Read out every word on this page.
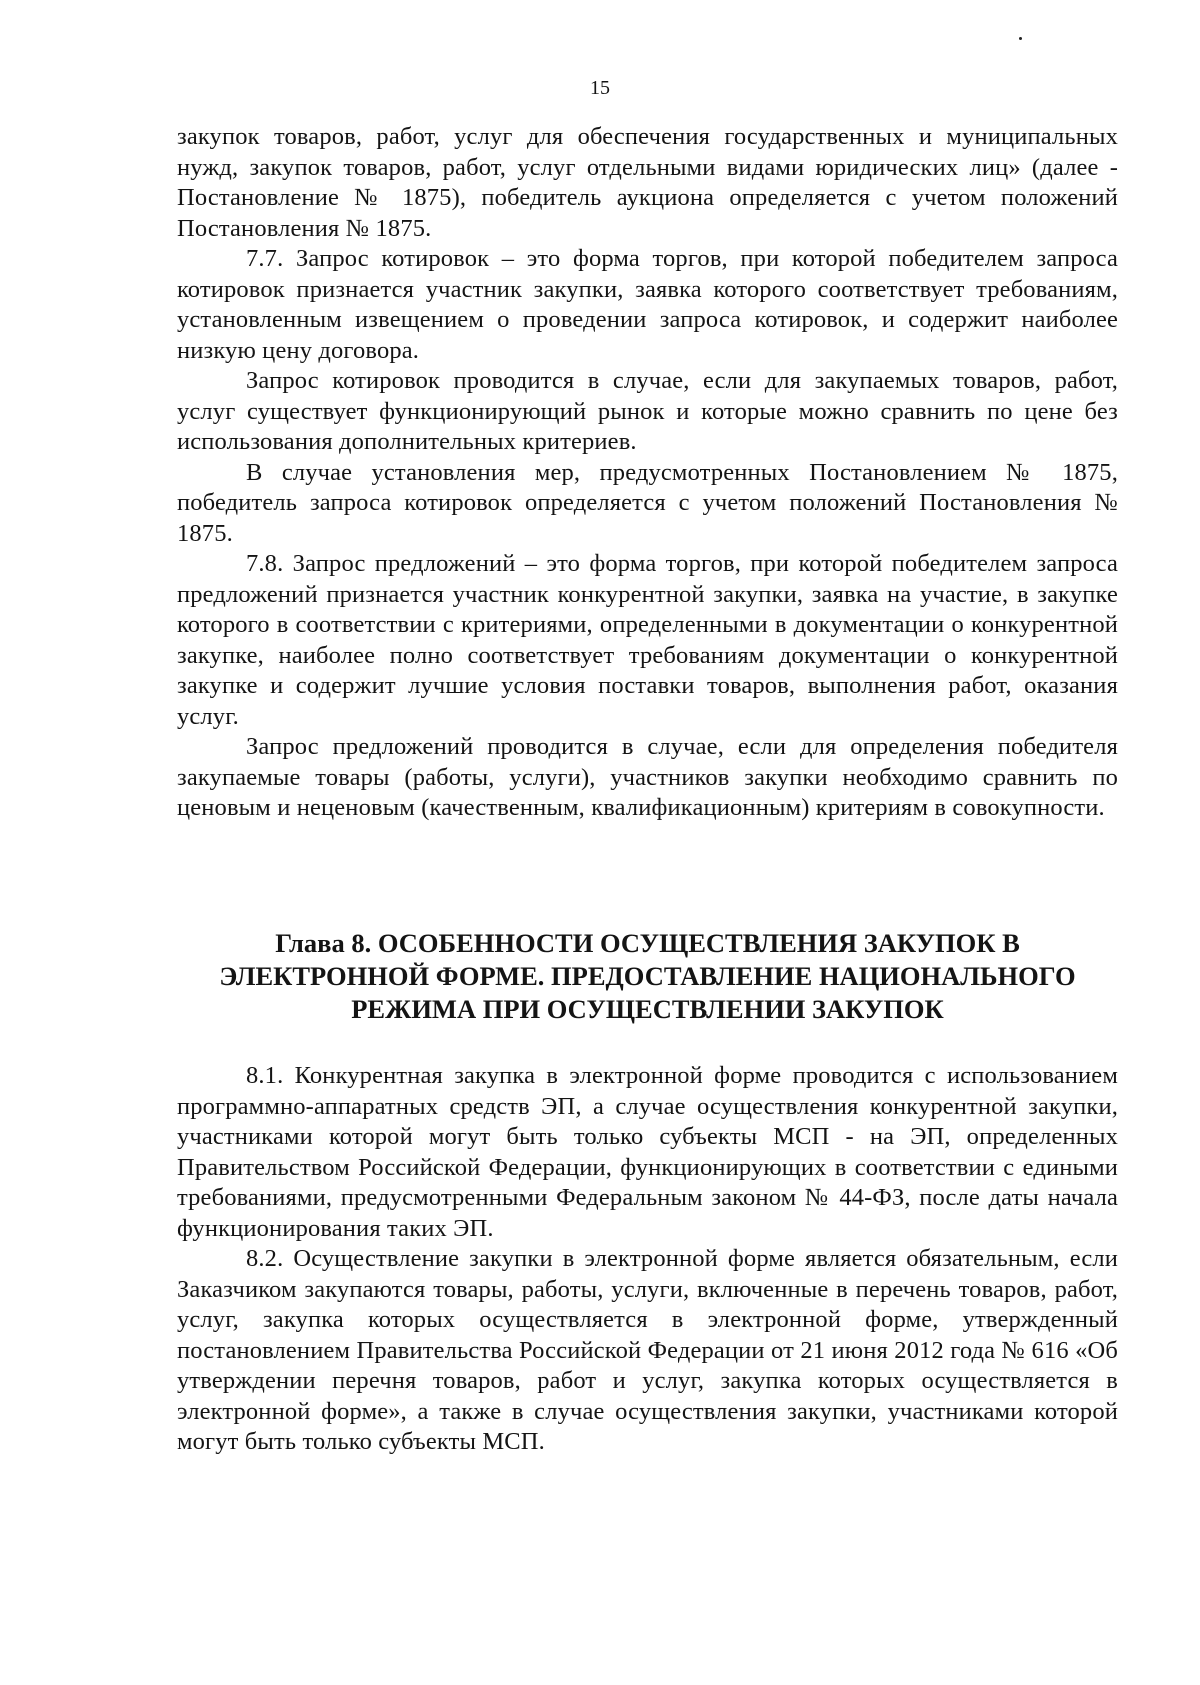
15

закупок товаров, работ, услуг для обеспечения государственных и муниципальных нужд, закупок товаров, работ, услуг отдельными видами юридических лиц» (далее - Постановление № 1875), победитель аукциона определяется с учетом положений Постановления № 1875.

7.7. Запрос котировок – это форма торгов, при которой победителем запроса котировок признается участник закупки, заявка которого соответствует требованиям, установленным извещением о проведении запроса котировок, и содержит наиболее низкую цену договора.

Запрос котировок проводится в случае, если для закупаемых товаров, работ, услуг существует функционирующий рынок и которые можно сравнить по цене без использования дополнительных критериев.

В случае установления мер, предусмотренных Постановлением № 1875, победитель запроса котировок определяется с учетом положений Постановления № 1875.

7.8. Запрос предложений – это форма торгов, при которой победителем запроса предложений признается участник конкурентной закупки, заявка на участие, в закупке которого в соответствии с критериями, определенными в документации о конкурентной закупке, наиболее полно соответствует требованиям документации о конкурентной закупке и содержит лучшие условия поставки товаров, выполнения работ, оказания услуг.

Запрос предложений проводится в случае, если для определения победителя закупаемые товары (работы, услуги), участников закупки необходимо сравнить по ценовым и неценовым (качественным, квалификационным) критериям в совокупности.

Глава 8. ОСОБЕННОСТИ ОСУЩЕСТВЛЕНИЯ ЗАКУПОК В
ЭЛЕКТРОННОЙ ФОРМЕ. ПРЕДОСТАВЛЕНИЕ НАЦИОНАЛЬНОГО
РЕЖИМА ПРИ ОСУЩЕСТВЛЕНИИ ЗАКУПОК

8.1. Конкурентная закупка в электронной форме проводится с использованием программно-аппаратных средств ЭП, а случае осуществления конкурентной закупки, участниками которой могут быть только субъекты МСП - на ЭП, определенных Правительством Российской Федерации, функционирующих в соответствии с едиными требованиями, предусмотренными Федеральным законом № 44-ФЗ, после даты начала функционирования таких ЭП.

8.2. Осуществление закупки в электронной форме является обязательным, если Заказчиком закупаются товары, работы, услуги, включенные в перечень товаров, работ, услуг, закупка которых осуществляется в электронной форме, утвержденный постановлением Правительства Российской Федерации от 21 июня 2012 года № 616 «Об утверждении перечня товаров, работ и услуг, закупка которых осуществляется в электронной форме», а также в случае осуществления закупки, участниками которой могут быть только субъекты МСП.
